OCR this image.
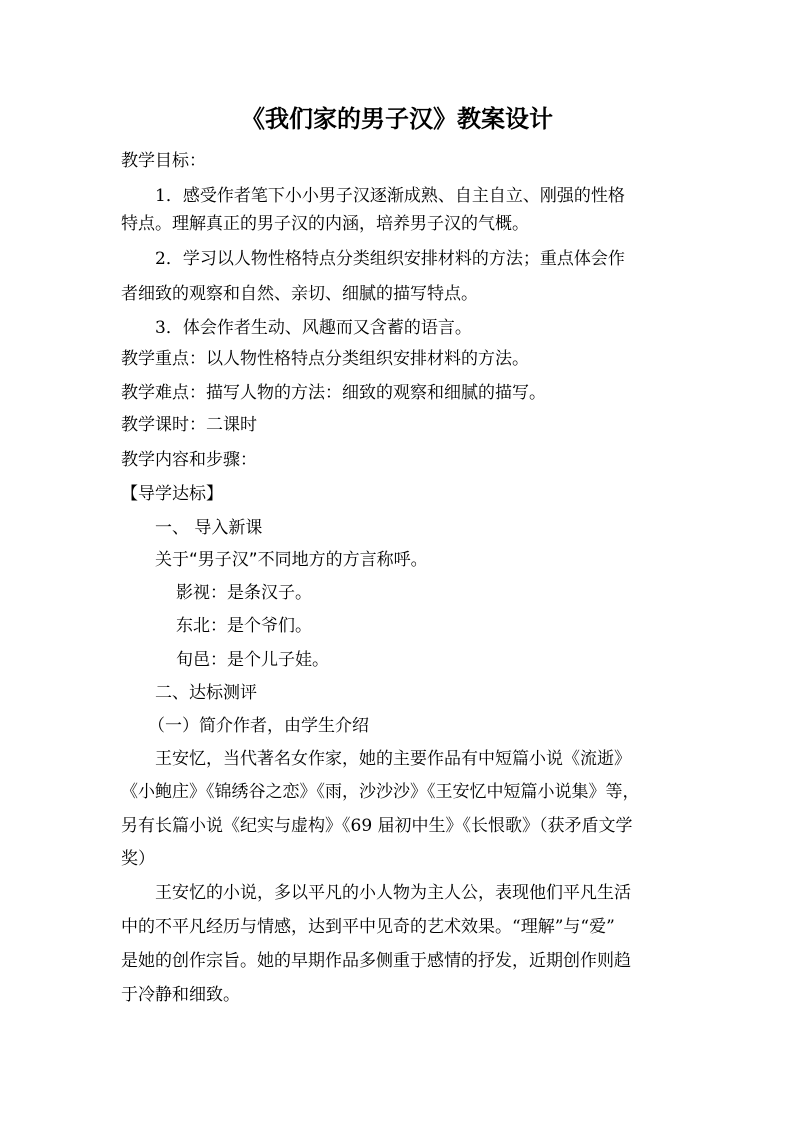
《我们家的男子汉》教案设计
教学目标：
1．感受作者笔下小小男子汉逐渐成熟、自主自立、刚强的性格
特点。理解真正的男子汉的内涵，培养男子汉的气概。
2．学习以人物性格特点分类组织安排材料的方法；重点体会作
者细致的观察和自然、亲切、细腻的描写特点。
3．体会作者生动、风趣而又含蓄的语言。
教学重点：以人物性格特点分类组织安排材料的方法。
教学难点：描写人物的方法：细致的观察和细腻的描写。
教学课时：二课时
教学内容和步骤：
【导学达标】
一、 导入新课
关于“男子汉”不同地方的方言称呼。
影视：是条汉子。
东北：是个爷们。
旬邑：是个儿子娃。
二、达标测评
（一）简介作者，由学生介绍
王安忆，当代著名女作家，她的主要作品有中短篇小说《流逝》
《小鲍庄》《锦绣谷之恋》《雨，沙沙沙》《王安忆中短篇小说集》等，
另有长篇小说《纪实与虚构》《69 届初中生》《长恨歌》（获矛盾文学
奖）
王安忆的小说，多以平凡的小人物为主人公，表现他们平凡生活
中的不平凡经历与情感，达到平中见奇的艺术效果。“理解”与“爱”
是她的创作宗旨。她的早期作品多侧重于感情的抒发，近期创作则趋
于冷静和细致。
